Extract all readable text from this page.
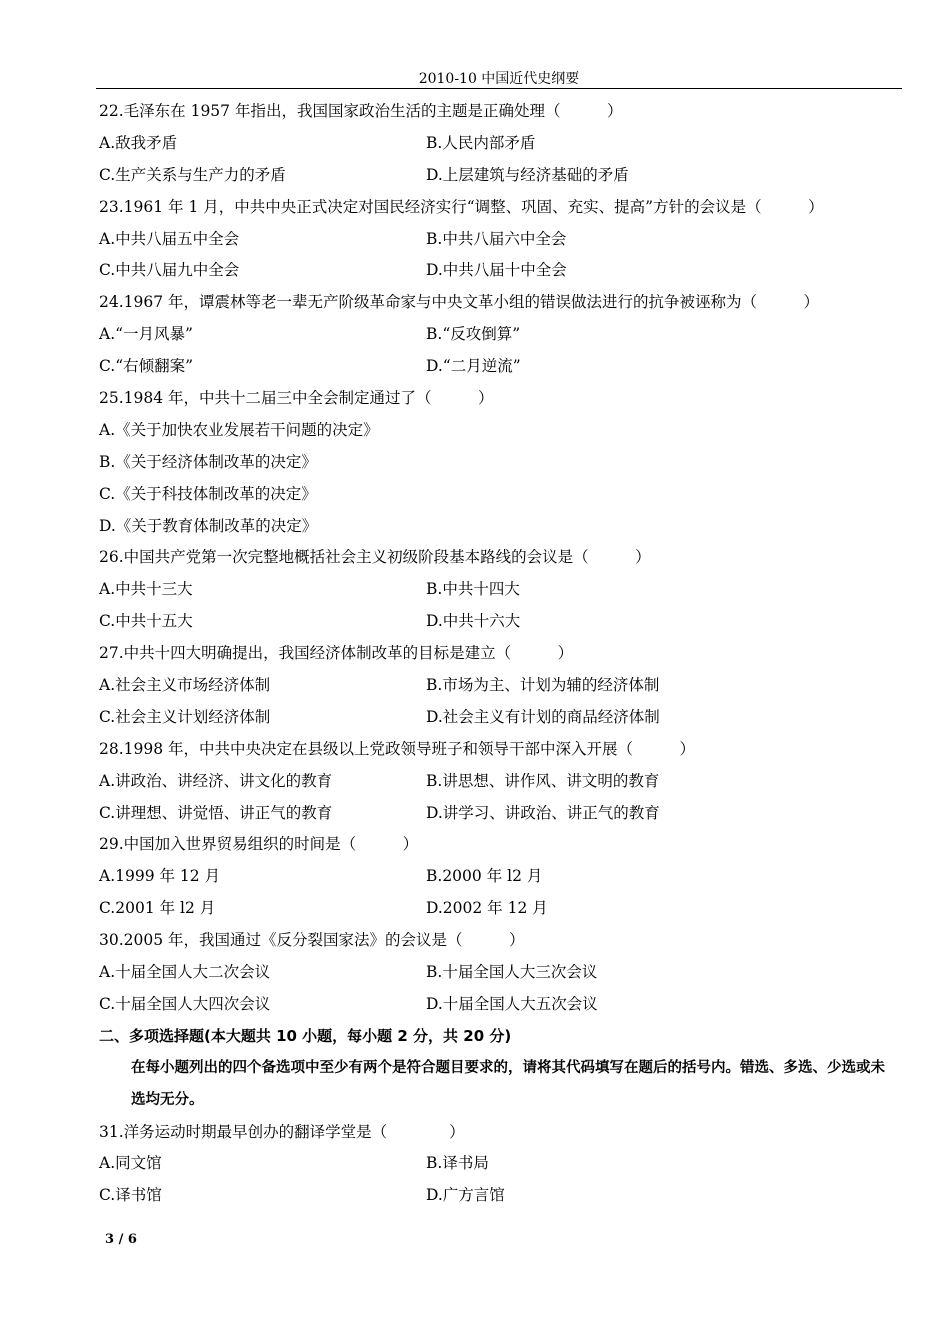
2010-10 中国近代史纲要
22.毛泽东在 1957 年指出，我国国家政治生活的主题是正确处理（　　　）
A.敌我矛盾	B.人民内部矛盾
C.生产关系与生产力的矛盾	D.上层建筑与经济基础的矛盾
23.1961 年 1 月，中共中央正式决定对国民经济实行“调整、巩固、充实、提高”方针的会议是（　　　）
A.中共八届五中全会	B.中共八届六中全会
C.中共八届九中全会	D.中共八届十中全会
24.1967 年，谭震林等老一辈无产阶级革命家与中央文革小组的错误做法进行的抗争被诬称为（　　　）
A.“一月风暴”	B.“反攻倒算”
C.“右倾翻案”	D.“二月逆流”
25.1984 年，中共十二届三中全会制定通过了（　　　）
A.《关于加快农业发展若干问题的决定》
B.《关于经济体制改革的决定》
C.《关于科技体制改革的决定》
D.《关于教育体制改革的决定》
26.中国共产党第一次完整地概括社会主义初级阶段基本路线的会议是（　　　）
A.中共十三大	B.中共十四大
C.中共十五大	D.中共十六大
27.中共十四大明确提出，我国经济体制改革的目标是建立（　　　）
A.社会主义市场经济体制	B.市场为主、计划为辅的经济体制
C.社会主义计划经济体制	D.社会主义有计划的商品经济体制
28.1998 年，中共中央决定在县级以上党政领导班子和领导干部中深入开展（　　　）
A.讲政治、讲经济、讲文化的教育	B.讲思想、讲作风、讲文明的教育
C.讲理想、讲觉悟、讲正气的教育	D.讲学习、讲政治、讲正气的教育
29.中国加入世界贸易组织的时间是（　　　）
A.1999 年 12 月	B.2000 年 l2 月
C.2001 年 l2 月	D.2002 年 12 月
30.2005 年，我国通过《反分裂国家法》的会议是（　　　）
A.十届全国人大二次会议	B.十届全国人大三次会议
C.十届全国人大四次会议	D.十届全国人大五次会议
二、多项选择题(本大题共 10 小题，每小题 2 分，共 20 分)
在每小题列出的四个备选项中至少有两个是符合题目要求的，请将其代码填写在题后的括号内。错选、多选、少选或未选均无分。
31.洋务运动时期最早创办的翻译学堂是（　　　　）
A.同文馆	B.译书局
C.译书馆	D.广方言馆
3 / 6
